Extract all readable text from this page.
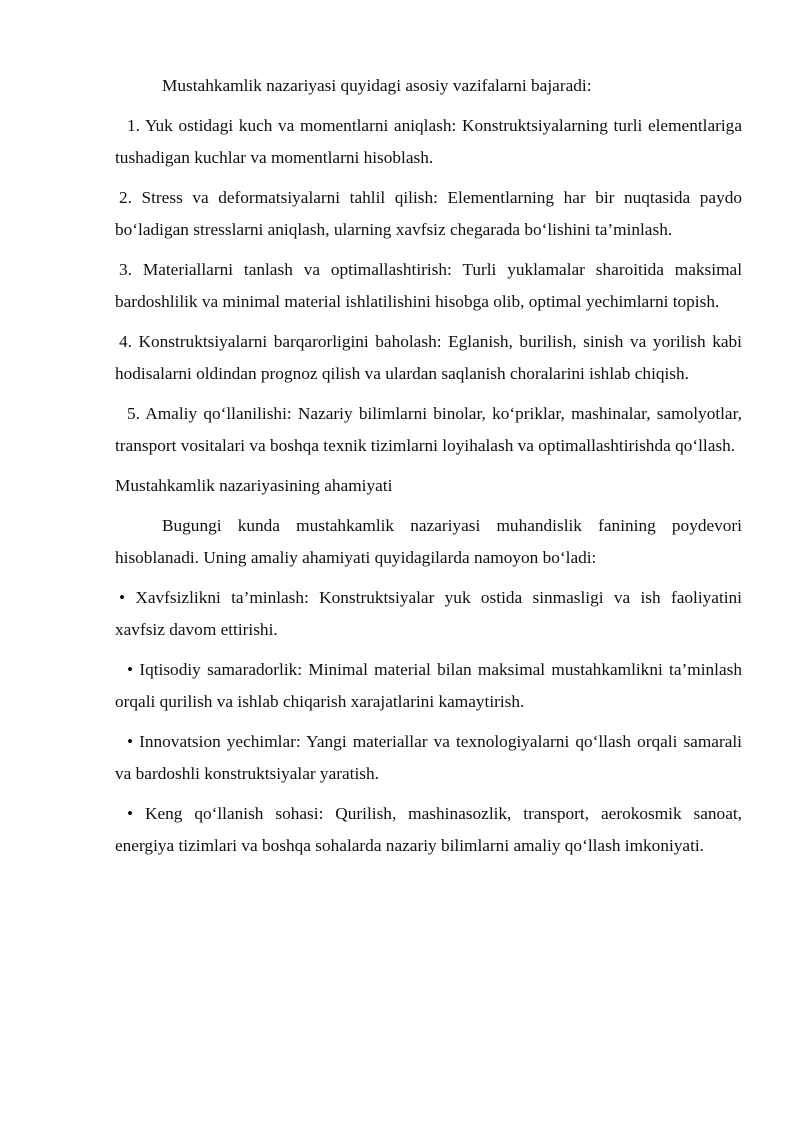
Mustahkamlik nazariyasi quyidagi asosiy vazifalarni bajaradi:

1. Yuk ostidagi kuch va momentlarni aniqlash: Konstruktsiyalarning turli elementlariga tushadigan kuchlar va momentlarni hisoblash.

2. Stress va deformatsiyalarni tahlil qilish: Elementlarning har bir nuqtasida paydo bo‘ladigan stresslarni aniqlash, ularning xavfsiz chegarada bo‘lishini ta’minlash.

3. Materiallarni tanlash va optimallashtirish: Turli yuklamalar sharoitida maksimal bardoshlilik va minimal material ishlatilishini hisobga olib, optimal yechimlarni topish.

4. Konstruktsiyalarni barqarorligini baholash: Eglanish, burilish, sinish va yorilish kabi hodisalarni oldindan prognoz qilish va ulardan saqlanish choralarini ishlab chiqish.

5. Amaliy qo‘llanilishi: Nazariy bilimlarni binolar, ko‘priklar, mashinalar, samolyotlar, transport vositalari va boshqa texnik tizimlarni loyihalash va optimallashtirishda qo‘llash.

Mustahkamlik nazariyasining ahamiyati

Bugungi kunda mustahkamlik nazariyasi muhandislik fanining poydevori hisoblanadi. Uning amaliy ahamiyati quyidagilarda namoyon bo‘ladi:

• Xavfsizlikni ta’minlash: Konstruktsiyalar yuk ostida sinmasligi va ish faoliyatini xavfsiz davom ettirishi.

• Iqtisodiy samaradorlik: Minimal material bilan maksimal mustahkamlikni ta’minlash orqali qurilish va ishlab chiqarish xarajatlarini kamaytirish.

• Innovatsion yechimlar: Yangi materiallar va texnologiyalarni qo‘llash orqali samarali va bardoshli konstruktsiyalar yaratish.

• Keng qo‘llanish sohasi: Qurilish, mashinasozlik, transport, aerokosmik sanoat, energiya tizimlari va boshqa sohalarda nazariy bilimlarni amaliy qo‘llash imkoniyati.
